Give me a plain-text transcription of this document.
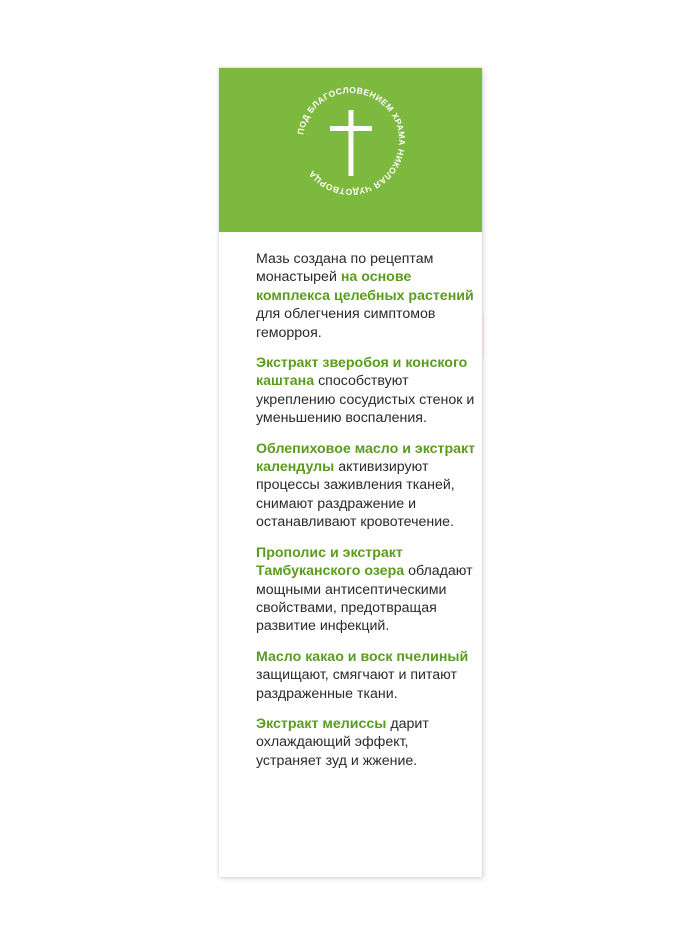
ПОД БЛАГОСЛОВЕНИЕМ ХРАМА НИКОЛАЯ ЧУДОТВОРЦА

Мазь создана по рецептам монастырей на основе комплекса целебных растений для облегчения симптомов геморроя.

Экстракт зверобоя и конского каштана способствуют укреплению сосудистых стенок и уменьшению воспаления.

Облепиховое масло и экстракт календулы активизируют процессы заживления тканей, снимают раздражение и останавливают кровотечение.

Прополис и экстракт Тамбуканского озера обладают мощными антисептическими свойствами, предотвращая развитие инфекций.

Масло какао и воск пчелиный защищают, смягчают и питают раздраженные ткани.

Экстракт мелиссы дарит охлаждающий эффект, устраняет зуд и жжение.
